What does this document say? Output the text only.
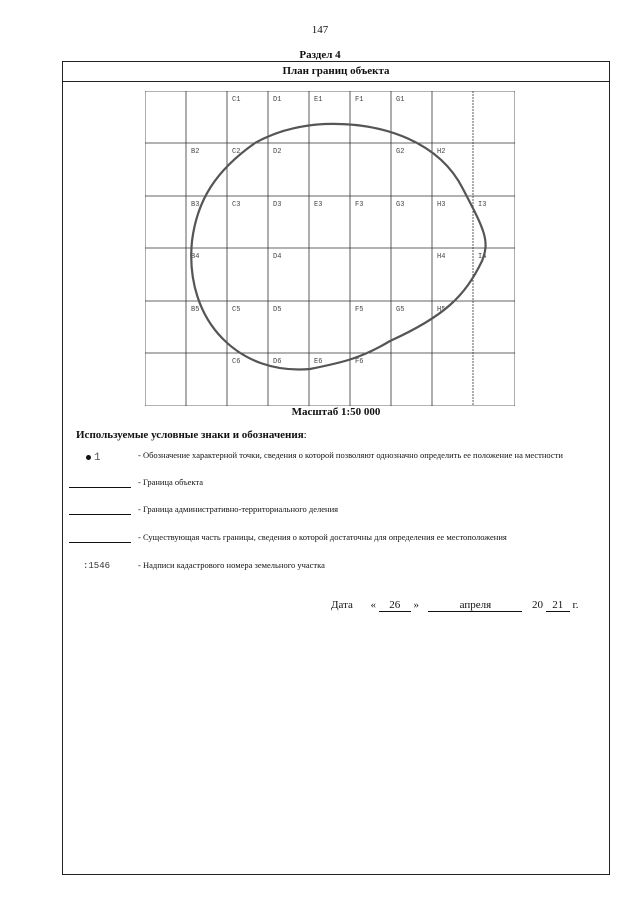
147
Раздел 4
План границ объекта
C1	D1	E1	F1	G1
B2	C2	D2	G2	H2
B3	C3	D3	E3	F3	G3	H3	I3
B4	D4	H4	I4
B5	C5	D5	F5	G5	H5
C6	D6	E6	F6
Масштаб 1:50 000
Используемые условные знаки и обозначения:
1	- Обозначение характерной точки, сведения о которой позволяют однозначно определить ее положение на местности
- Граница объекта
- Граница административно-территориального деления
- Существующая часть границы, сведения о которой достаточны для определения ее местоположения
:1546	- Надписи кадастрового номера земельного участка
Дата « 26 »	апреля	20 21 г.
